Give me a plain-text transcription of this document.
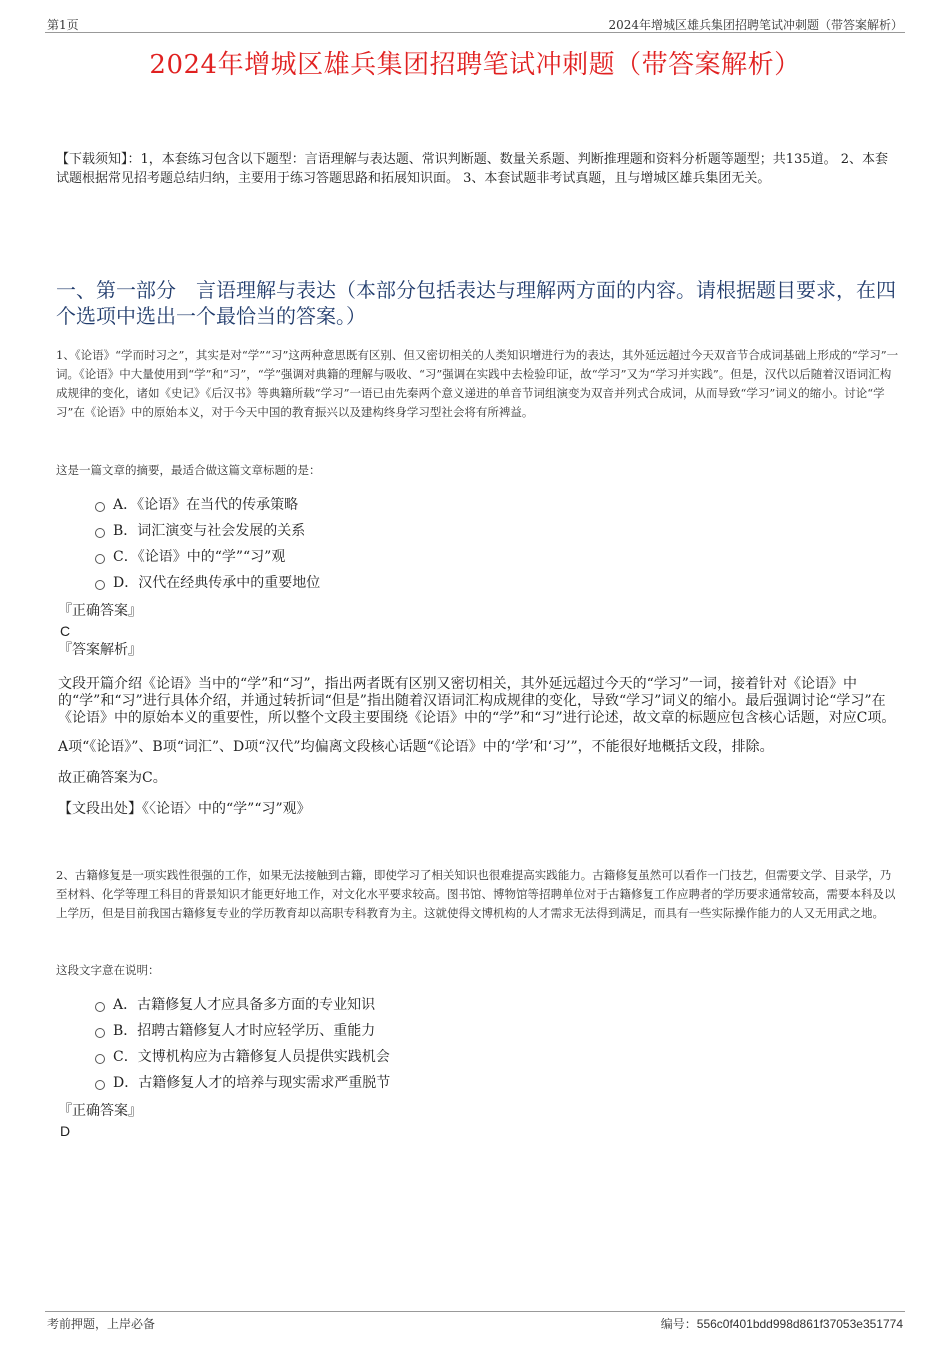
第1页	2024年增城区雄兵集团招聘笔试冲刺题（带答案解析）
2024年增城区雄兵集团招聘笔试冲刺题（带答案解析）
【下载须知】：1，本套练习包含以下题型：言语理解与表达题、常识判断题、数量关系题、判断推理题和资料分析题等题型；共135道。 2、本套试题根据常见招考题总结归纳，主要用于练习答题思路和拓展知识面。 3、本套试题非考试真题，且与增城区雄兵集团无关。
一、第一部分　言语理解与表达（本部分包括表达与理解两方面的内容。请根据题目要求，在四个选项中选出一个最恰当的答案。）
1、《论语》“学而时习之”，其实是对“学”“习”这两种意思既有区别、但又密切相关的人类知识增进行为的表达，其外延远超过今天双音节合成词基础上形成的“学习”一词。《论语》中大量使用到“学”和“习”，“学”强调对典籍的理解与吸收、“习”强调在实践中去检验印证，故“学习”又为“学习并实践”。但是，汉代以后随着汉语词汇构成规律的变化，诸如《史记》《后汉书》等典籍所载“学习”一语已由先秦两个意义递进的单音节词组演变为双音并列式合成词，从而导致“学习”词义的缩小。讨论“学习”在《论语》中的原始本义，对于今天中国的教育振兴以及建构终身学习型社会将有所裨益。
这是一篇文章的摘要，最适合做这篇文章标题的是：
A．《论语》在当代的传承策略
B．词汇演变与社会发展的关系
C．《论语》中的“学”“习”观
D．汉代在经典传承中的重要地位
『正确答案』
C
『答案解析』

文段开篇介绍《论语》当中的“学”和“习”，指出两者既有区别又密切相关，其外延远超过今天的“学习”一词，接着针对《论语》中的“学”和“习”进行具体介绍，并通过转折词“但是”指出随着汉语词汇构成规律的变化，导致“学习”词义的缩小。最后强调讨论“学习”在《论语》中的原始本义的重要性，所以整个文段主要围绕《论语》中的“学”和“习”进行论述，故文章的标题应包含核心话题，对应C项。

A项“《论语》”、B项“词汇”、D项“汉代”均偏离文段核心话题“《论语》中的‘学’和‘习’”，不能很好地概括文段，排除。

故正确答案为C。

【文段出处】《〈论语〉中的“学”“习”观》

2、古籍修复是一项实践性很强的工作，如果无法接触到古籍，即使学习了相关知识也很难提高实践能力。古籍修复虽然可以看作一门技艺，但需要文学、目录学，乃至材料、化学等理工科目的背景知识才能更好地工作，对文化水平要求较高。图书馆、博物馆等招聘单位对于古籍修复工作应聘者的学历要求通常较高，需要本科及以上学历，但是目前我国古籍修复专业的学历教育却以高职专科教育为主。这就使得文博机构的人才需求无法得到满足，而具有一些实际操作能力的人又无用武之地。
这段文字意在说明：
A．古籍修复人才应具备多方面的专业知识
B．招聘古籍修复人才时应轻学历、重能力
C．文博机构应为古籍修复人员提供实践机会
D．古籍修复人才的培养与现实需求严重脱节
『正确答案』
D
考前押题，上岸必备	编号：556c0f401bdd998d861f37053e351774
